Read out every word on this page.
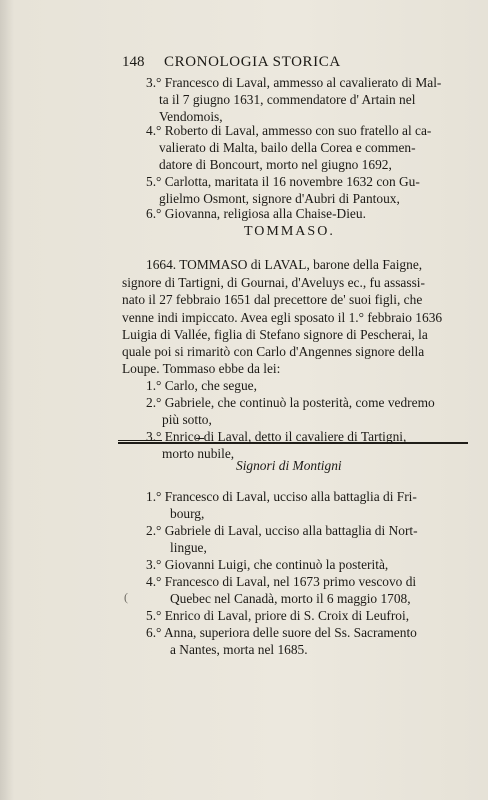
148 CRONOLOGIA STORICA
3.° Francesco di Laval, ammesso al cavalierato di Mal-
ta il 7 giugno 1631, commendatore d' Artain nel
Vendomois,
4.° Roberto di Laval, ammesso con suo fratello al ca-
valierato di Malta, bailo della Corea e commen-
datore di Boncourt, morto nel giugno 1692,
5.° Carlotta, maritata il 16 novembre 1632 con Gu-
glielmo Osmont, signore d'Aubri di Pantoux,
6.° Giovanna, religiosa alla Chaise-Dieu.
TOMMASO.
1664. TOMMASO di LAVAL, barone della Faigne,
signore di Tartigni, di Gournai, d'Aveluys ec., fu assassi-
nato il 27 febbraio 1651 dal precettore de' suoi figli, che
venne indi impiccato. Avea egli sposato il 1.° febbraio 1636
Luigia di Vallée, figlia di Stefano signore di Pescherai, la
quale poi si rimaritò con Carlo d'Angennes signore della
Loupe. Tommaso ebbe da lei:
1.° Carlo, che segue,
2.° Gabriele, che continuò la posterità, come vedremo
più sotto,
3.° Enrico di Laval, detto il cavaliere di Tartigni,
morto nubile,
Signori di Montigni
1.° Francesco di Laval, ucciso alla battaglia di Fri-
bourg,
2.° Gabriele di Laval, ucciso alla battaglia di Nort-
lingue,
3.° Giovanni Luigi, che continuò la posterità,
4.° Francesco di Laval, nel 1673 primo vescovo di
Quebec nel Canadà, morto il 6 maggio 1708,
5.° Enrico di Laval, priore di S. Croix di Leufroi,
6.° Anna, superiora delle suore del Ss. Sacramento
a Nantes, morta nel 1685.
(
